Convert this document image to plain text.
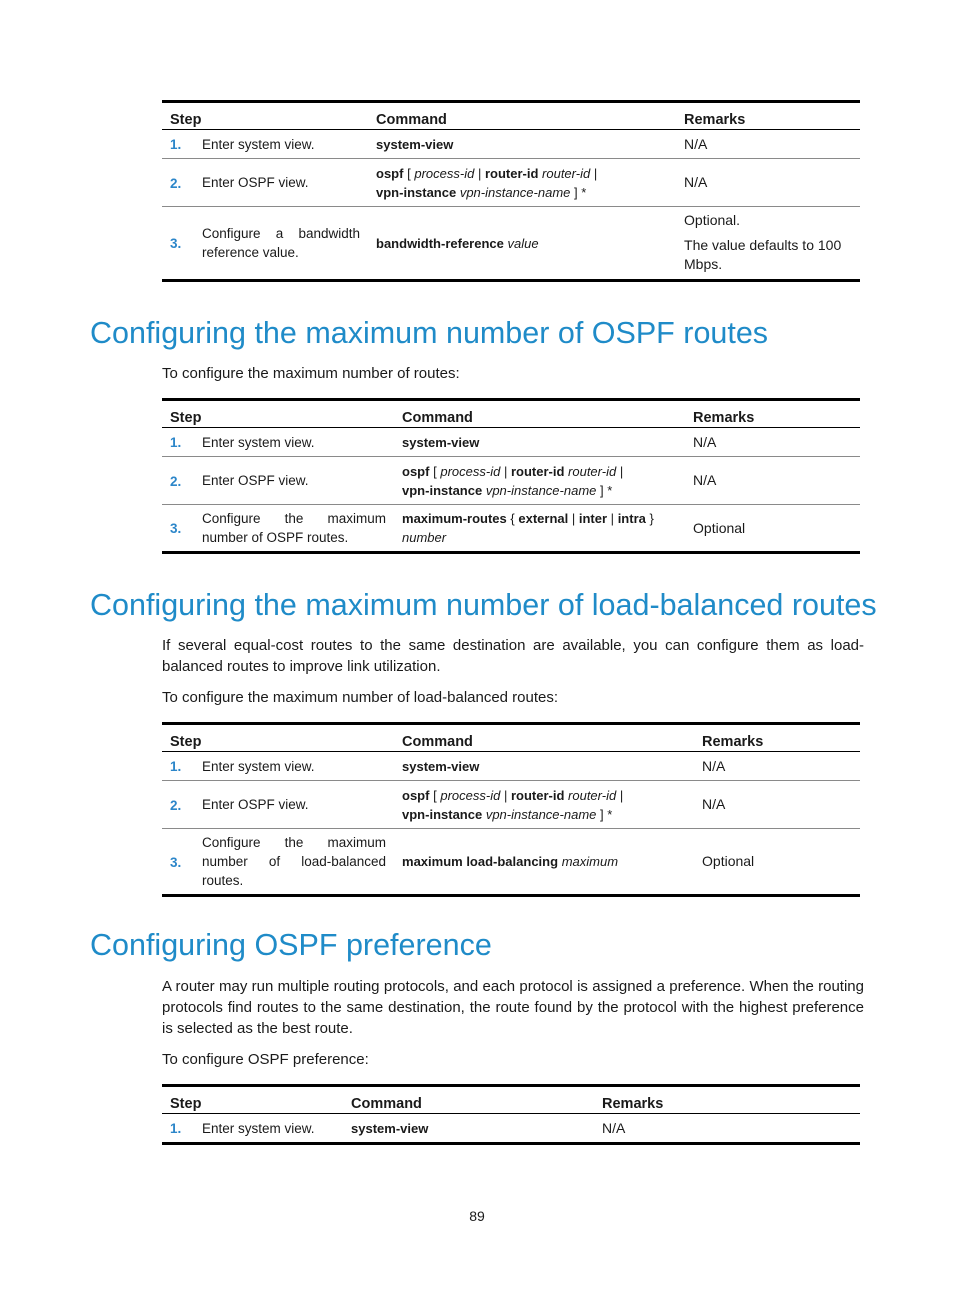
Step		Command	Remarks
1.	Enter system view.	system-view	N/A
2.	Enter OSPF view.	ospf [ process-id | router-id router-id |
vpn-instance vpn-instance-name ] *	N/A
3.	Configure a bandwidth reference value.	bandwidth-reference value	Optional.
The value defaults to 100 Mbps.
Configuring the maximum number of OSPF routes

To configure the maximum number of routes:

Step		Command	Remarks
1.	Enter system view.	system-view	N/A
2.	Enter OSPF view.	ospf [ process-id | router-id router-id |
vpn-instance vpn-instance-name ] *	N/A
3.	Configure the maximum number of OSPF routes.	maximum-routes { external | inter | intra }
number	Optional
Configuring the maximum number of load-balanced routes

If several equal-cost routes to the same destination are available, you can configure them as load-balanced routes to improve link utilization.

To configure the maximum number of load-balanced routes:

Step		Command	Remarks
1.	Enter system view.	system-view	N/A
2.	Enter OSPF view.	ospf [ process-id | router-id router-id |
vpn-instance vpn-instance-name ] *	N/A
3.	Configure the maximum number of load-balanced routes.	maximum load-balancing maximum	Optional
Configuring OSPF preference

A router may run multiple routing protocols, and each protocol is assigned a preference. When the routing protocols find routes to the same destination, the route found by the protocol with the highest preference is selected as the best route.

To configure OSPF preference:

Step		Command	Remarks
1.	Enter system view.	system-view	N/A
89
